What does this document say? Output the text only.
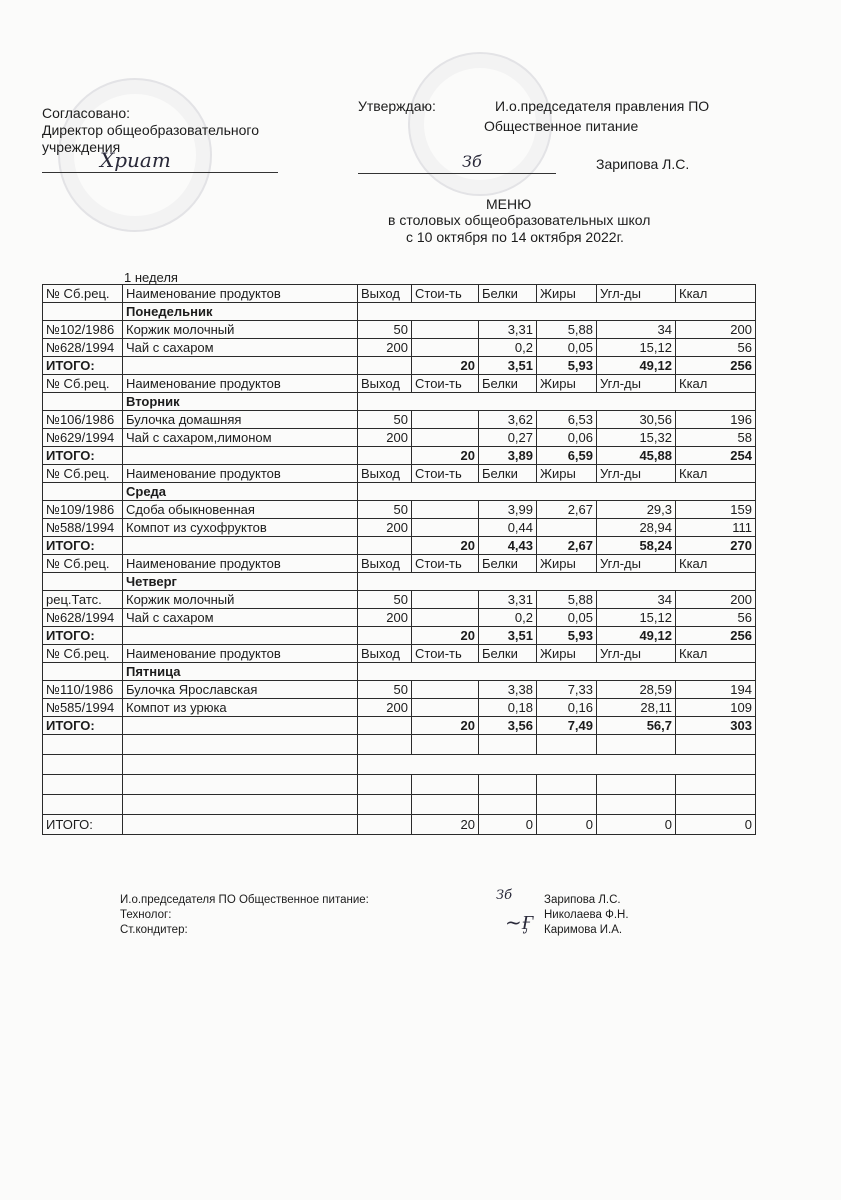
Согласовано:
Директор общеобразовательного
учреждения
Хриат
Утверждаю:	И.о.председателя правления ПО
Общественное питание
Зб	Зарипова Л.С.
МЕНЮ
в столовых общеобразовательных школ
с 10 октября по 14 октября 2022г.
1 неделя
№ Сб.рец.	Наименование продуктов	Выход	Стои-ть	Белки	Жиры	Угл-ды	Ккал
	Понедельник						
№102/1986	Коржик молочный	50		3,31	5,88	34	200
№628/1994	Чай с сахаром	200		0,2	0,05	15,12	56
ИТОГО:			20	3,51	5,93	49,12	256
№ Сб.рец.	Наименование продуктов	Выход	Стои-ть	Белки	Жиры	Угл-ды	Ккал
	Вторник						
№106/1986	Булочка домашняя	50		3,62	6,53	30,56	196
№629/1994	Чай с сахаром,лимоном	200		0,27	0,06	15,32	58
ИТОГО:			20	3,89	6,59	45,88	254
№ Сб.рец.	Наименование продуктов	Выход	Стои-ть	Белки	Жиры	Угл-ды	Ккал
	Среда						
№109/1986	Сдоба обыкновенная	50		3,99	2,67	29,3	159
№588/1994	Компот из сухофруктов	200		0,44		28,94	111
ИТОГО:			20	4,43	2,67	58,24	270
№ Сб.рец.	Наименование продуктов	Выход	Стои-ть	Белки	Жиры	Угл-ды	Ккал
	Четверг						
рец.Татс.	Коржик молочный	50		3,31	5,88	34	200
№628/1994	Чай с сахаром	200		0,2	0,05	15,12	56
ИТОГО:			20	3,51	5,93	49,12	256
№ Сб.рец.	Наименование продуктов	Выход	Стои-ть	Белки	Жиры	Угл-ды	Ккал
	Пятница						
№110/1986	Булочка Ярославская	50		3,38	7,33	28,59	194
№585/1994	Компот из урюка	200		0,18	0,16	28,11	109
ИТОГО:			20	3,56	7,49	56,7	303

ИТОГО:			20	0	0	0	0
И.о.председателя ПО Общественное питание:
Технолог:
Ст.кондитер:
Зб
~Ӻ
Зарипова Л.С.
Николаева Ф.Н.
Каримова И.А.
